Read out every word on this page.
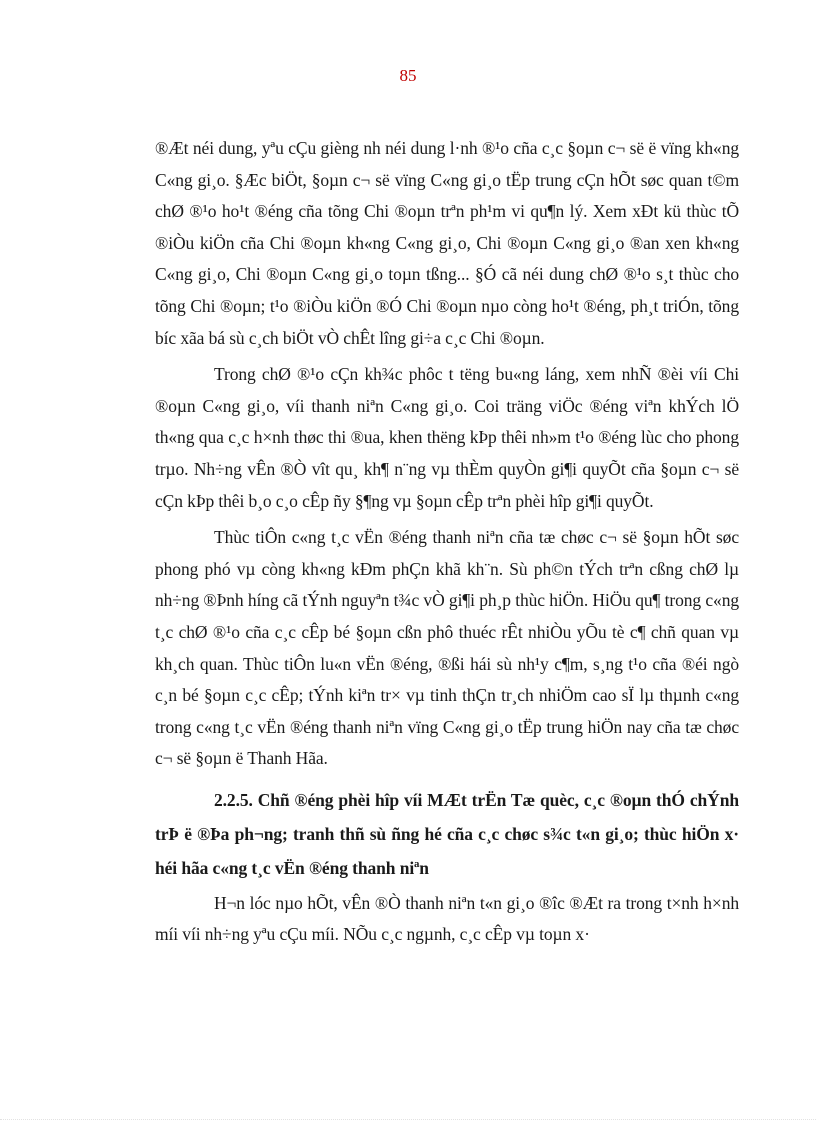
85

®Æt néi dung, yªu cÇu gièng nh néi dung l·nh ®¹o cña c¸c §oµn c¬ së ë vïng kh«ng C«ng gi¸o. §Æc biÖt, §oµn c¬ së vïng C«ng gi¸o tËp trung cÇn hÕt søc quan t©m chØ ®¹o ho¹t ®éng cña tõng Chi ®oµn trªn ph¹m vi qu¶n lý. Xem xÐt kü thùc tÕ ®iÒu kiÖn cña Chi ®oµn kh«ng C«ng gi¸o, Chi ®oµn C«ng gi¸o ®an xen kh«ng C«ng gi¸o, Chi ®oµn C«ng gi¸o toµn tßng... §Ó cã néi dung chØ ®¹o s¸t thùc cho tõng Chi ®oµn; t¹o ®iÒu kiÖn ®Ó Chi ®oµn nµo còng ho¹t ®éng, ph¸t triÓn, tõng bíc xãa bá sù c¸ch biÖt vÒ chÊt lîng gi÷a c¸c Chi ®oµn.

Trong chØ ®¹o cÇn kh¾c phôc t tëng bu«ng láng, xem nhÑ ®èi víi Chi ®oµn C«ng gi¸o, víi thanh niªn C«ng gi¸o. Coi träng viÖc ®éng viªn khÝch lÖ th«ng qua c¸c h×nh thøc thi ®ua, khen thëng kÞp thêi nh»m t¹o ®éng lùc cho phong trµo. Nh÷ng vÊn ®Ò vît qu¸ kh¶ n¨ng vµ thÈm quyÒn gi¶i quyÕt cña §oµn c¬ së cÇn kÞp thêi b¸o c¸o cÊp ñy §¶ng vµ §oµn cÊp trªn phèi hîp gi¶i quyÕt.

Thùc tiÔn c«ng t¸c vËn ®éng thanh niªn cña tæ chøc c¬ së §oµn hÕt søc phong phó vµ còng kh«ng kÐm phÇn khã kh¨n. Sù ph©n tÝch trªn cßng chØ lµ nh÷ng ®Þnh híng cã tÝnh nguyªn t¾c vÒ gi¶i ph¸p thùc hiÖn. HiÖu qu¶ trong c«ng t¸c chØ ®¹o cña c¸c cÊp bé §oµn cßn phô thuéc rÊt nhiÒu yÕu tè c¶ chñ quan vµ kh¸ch quan. Thùc tiÔn lu«n vËn ®éng, ®ßi hái sù nh¹y c¶m, s¸ng t¹o cña ®éi ngò c¸n bé §oµn c¸c cÊp; tÝnh kiªn tr× vµ tinh thÇn tr¸ch nhiÖm cao sÏ lµ thµnh c«ng trong c«ng t¸c vËn ®éng thanh niªn vïng C«ng gi¸o tËp trung hiÖn nay cña tæ chøc c¬ së §oµn ë Thanh Hãa.

2.2.5. Chñ ®éng phèi hîp víi MÆt trËn Tæ quèc, c¸c ®oµn thÓ chÝnh trÞ ë ®Þa ph¬ng; tranh thñ sù ñng hé cña c¸c chøc s¾c t«n gi¸o; thùc hiÖn x· héi hãa c«ng t¸c vËn ®éng thanh niªn

H¬n lóc nµo hÕt, vÊn ®Ò thanh niªn t«n gi¸o ®îc ®Æt ra trong t×nh h×nh míi víi nh÷ng yªu cÇu míi. NÕu c¸c ngµnh, c¸c cÊp vµ toµn x·
